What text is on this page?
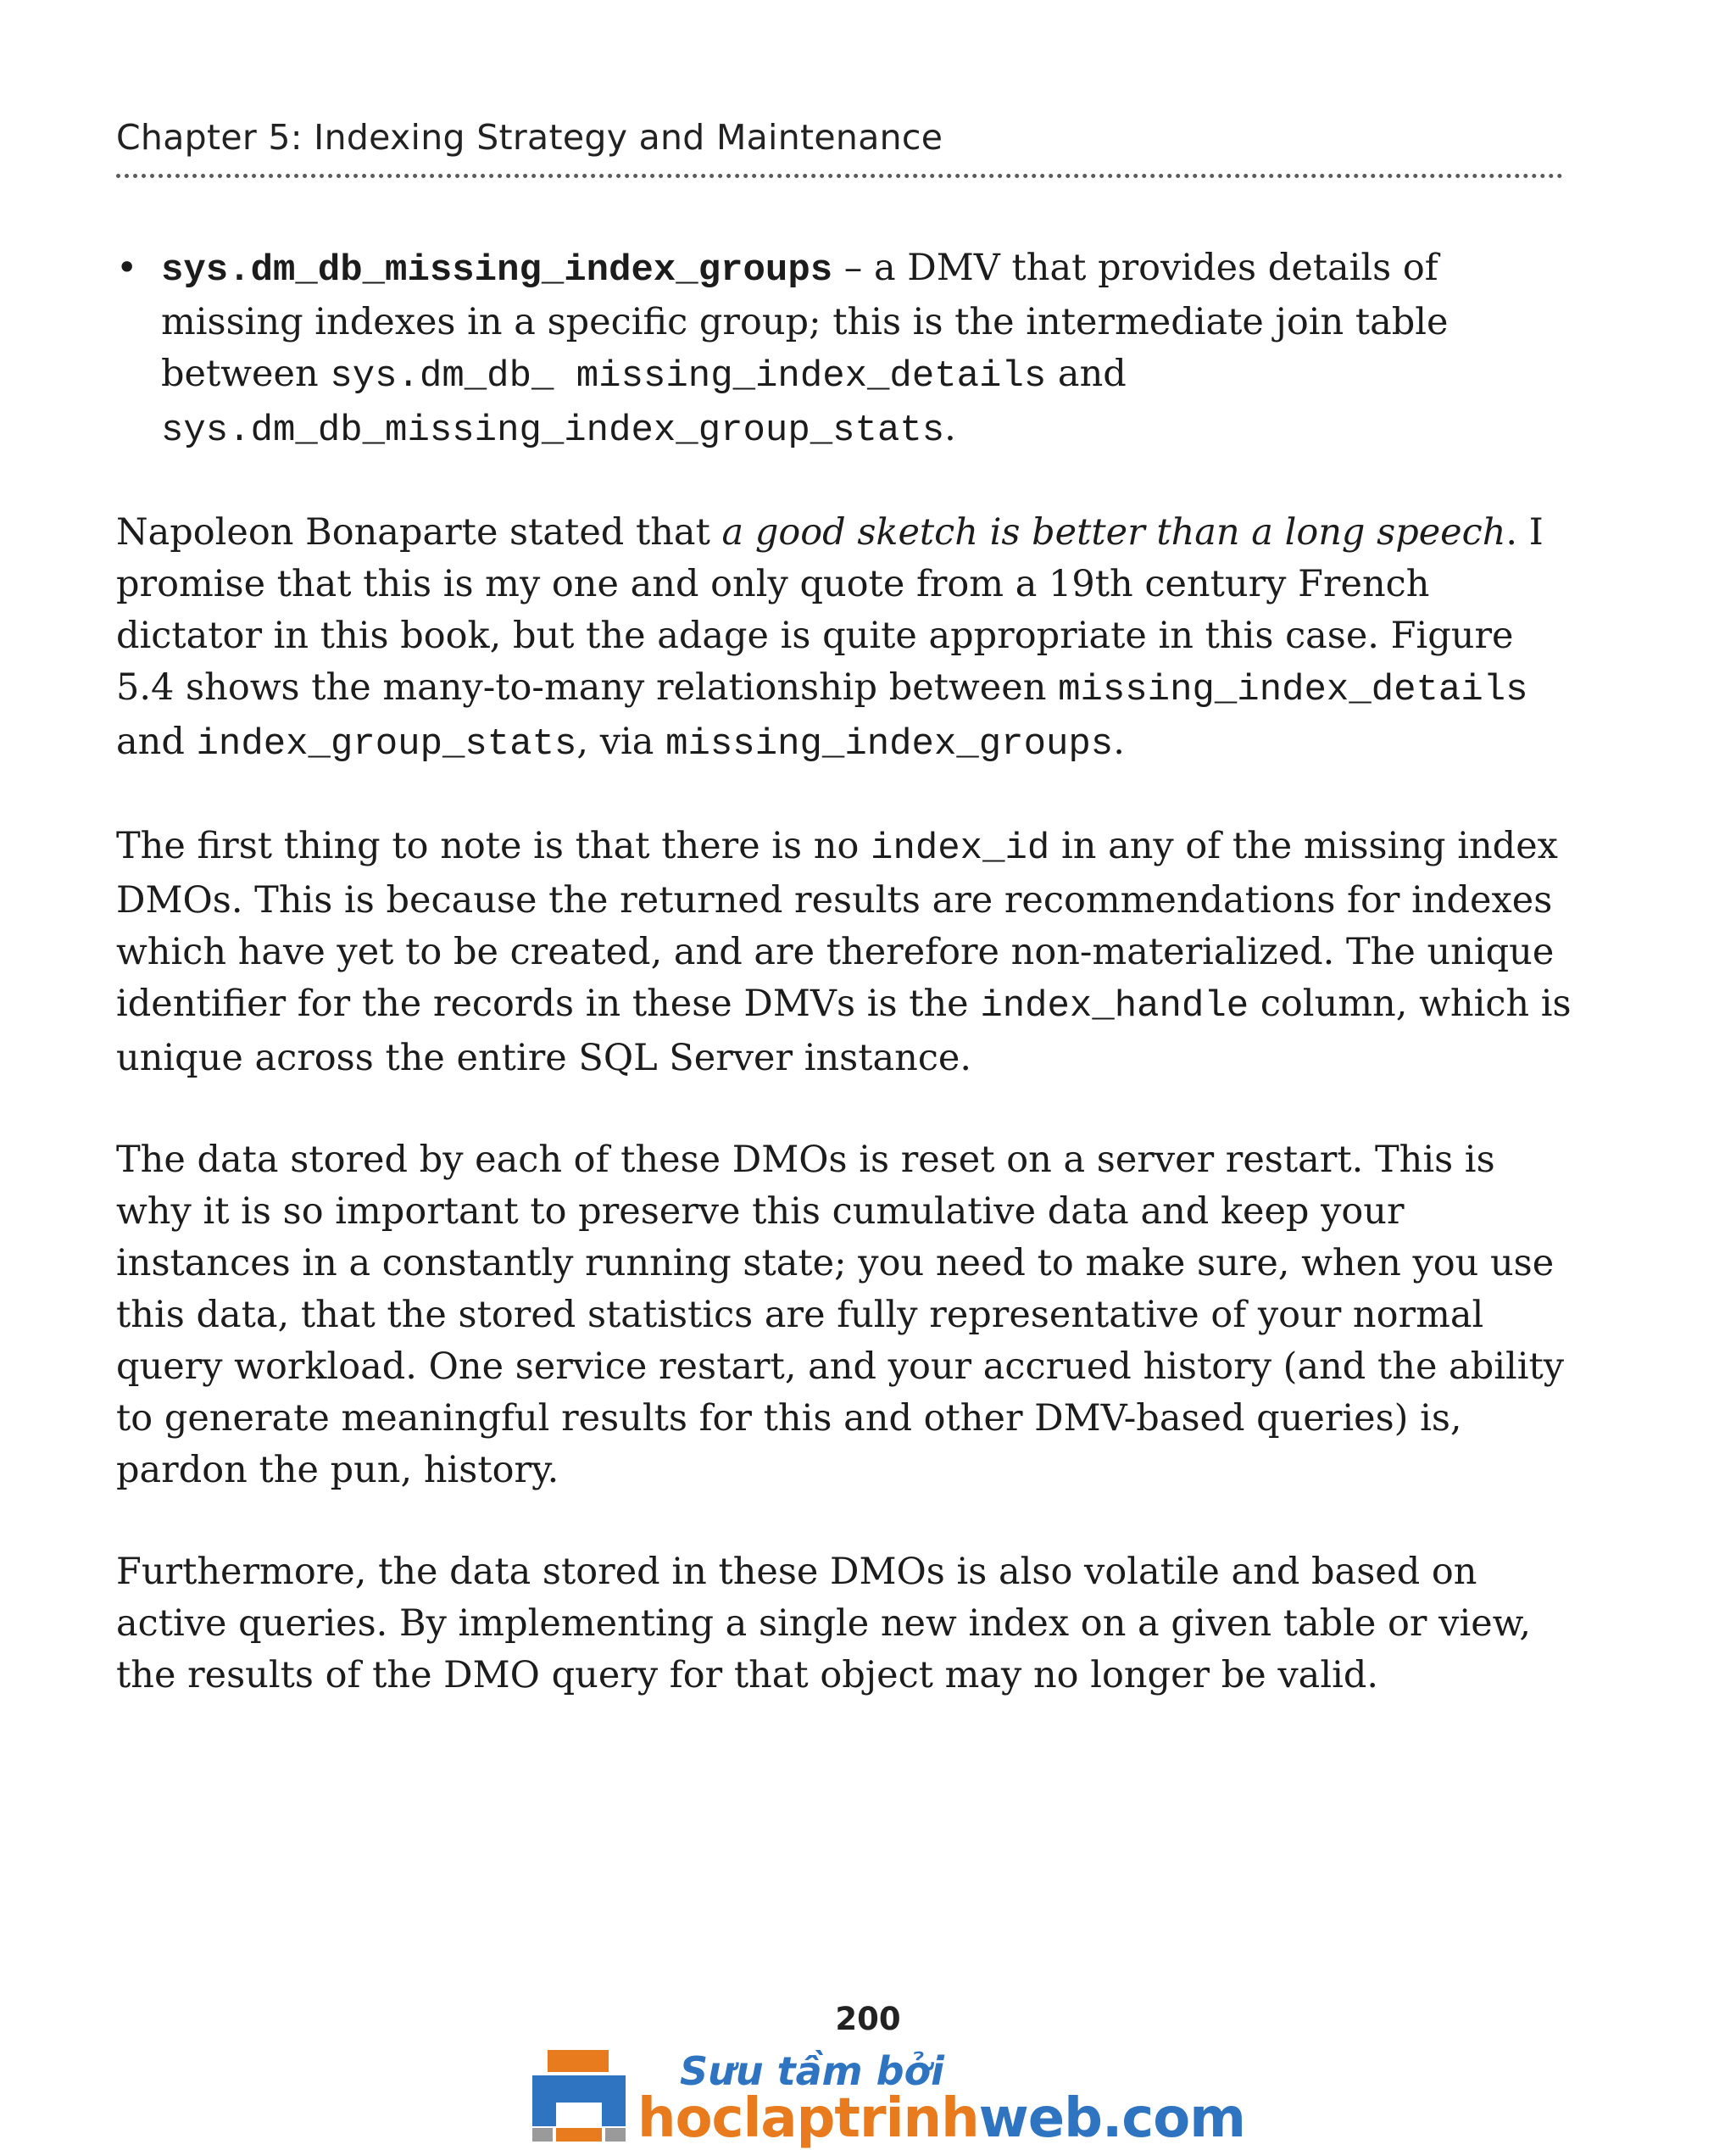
Chapter 5: Indexing Strategy and Maintenance
• sys.dm_db_missing_index_groups – a DMV that provides details of missing indexes in a specific group; this is the intermediate join table between sys.dm_db_ missing_index_details and sys.dm_db_missing_index_group_stats.

Napoleon Bonaparte stated that a good sketch is better than a long speech. I promise that this is my one and only quote from a 19th century French dictator in this book, but the adage is quite appropriate in this case. Figure 5.4 shows the many-to-many relationship between missing_index_details and index_group_stats, via missing_index_groups.

The first thing to note is that there is no index_id in any of the missing index DMOs. This is because the returned results are recommendations for indexes which have yet to be created, and are therefore non-materialized. The unique identifier for the records in these DMVs is the index_handle column, which is unique across the entire SQL Server instance.

The data stored by each of these DMOs is reset on a server restart. This is why it is so important to preserve this cumulative data and keep your instances in a constantly running state; you need to make sure, when you use this data, that the stored statistics are fully representative of your normal query workload. One service restart, and your accrued history (and the ability to generate meaningful results for this and other DMV-based queries) is, pardon the pun, history.

Furthermore, the data stored in these DMOs is also volatile and based on active queries. By implementing a single new index on a given table or view, the results of the DMO query for that object may no longer be valid.

200
Sưu tầm bởi
hoclaptrinhweb.com
